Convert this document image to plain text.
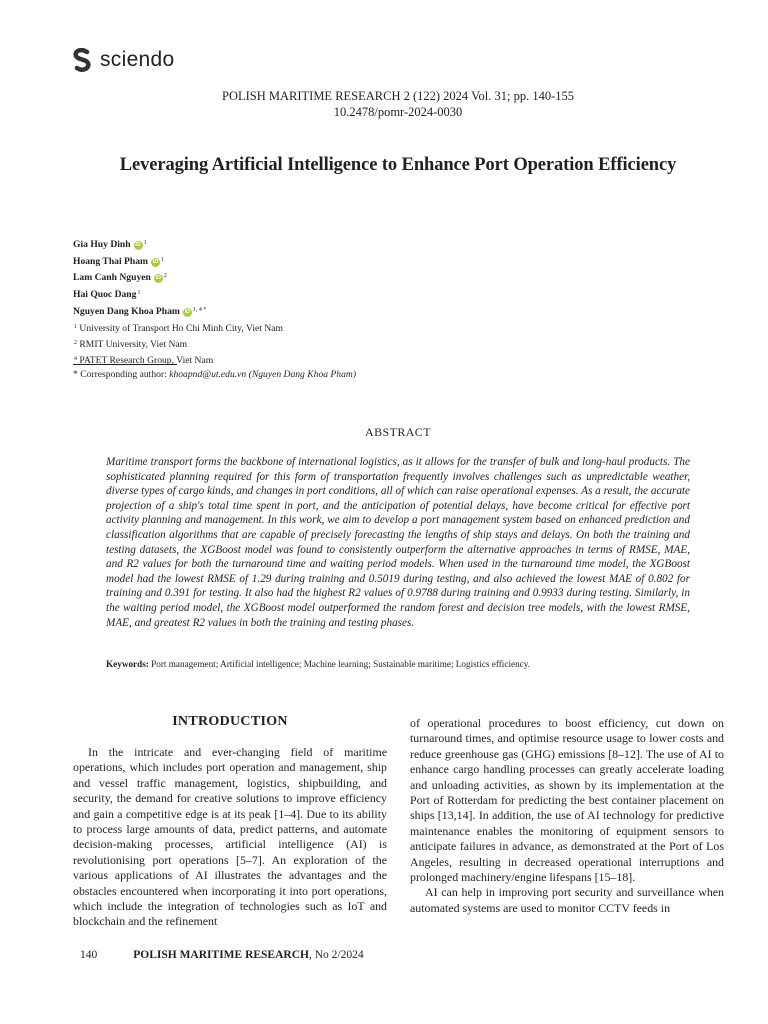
sciendo
POLISH MARITIME RESEARCH 2 (122) 2024 Vol. 31; pp. 140-155
10.2478/pomr-2024-0030
Leveraging Artificial Intelligence to Enhance Port Operation Efficiency
Gia Huy Dinh iD $^1$
Hoang Thai Pham iD $^1$
Lam Canh Nguyen iD $^2$
Hai Quoc Dang$^1$
Nguyen Dang Khoa Pham iD $^{1, 4 *}$
$^1$ University of Transport Ho Chi Minh City, Viet Nam
$^2$ RMIT University, Viet Nam
$^4$ PATET Research Group, Viet Nam
* Corresponding author: khoapnd@ut.edu.vn (Nguyen Dang Khoa Pham)
ABSTRACT
Maritime transport forms the backbone of international logistics, as it allows for the transfer of bulk and long-haul products. The sophisticated planning required for this form of transportation frequently involves challenges such as unpredictable weather, diverse types of cargo kinds, and changes in port conditions, all of which can raise operational expenses. As a result, the accurate projection of a ship's total time spent in port, and the anticipation of potential delays, have become critical for effective port activity planning and management. In this work, we aim to develop a port management system based on enhanced prediction and classification algorithms that are capable of precisely forecasting the lengths of ship stays and delays. On both the training and testing datasets, the XGBoost model was found to consistently outperform the alternative approaches in terms of RMSE, MAE, and R2 values for both the turnaround time and waiting period models. When used in the turnaround time model, the XGBoost model had the lowest RMSE of 1.29 during training and 0.5019 during testing, and also achieved the lowest MAE of 0.802 for training and 0.391 for testing. It also had the highest R2 values of 0.9788 during training and 0.9933 during testing. Similarly, in the waiting period model, the XGBoost model outperformed the random forest and decision tree models, with the lowest RMSE, MAE, and greatest R2 values in both the training and testing phases.
Keywords: Port management; Artificial intelligence; Machine learning; Sustainable maritime; Logistics efficiency.
INTRODUCTION

In the intricate and ever-changing field of maritime operations, which includes port operation and management, ship and vessel traffic management, logistics, shipbuilding, and security, the demand for creative solutions to improve efficiency and gain a competitive edge is at its peak [1–4]. Due to its ability to process large amounts of data, predict patterns, and automate decision-making processes, artificial intelligence (AI) is revolutionising port operations [5–7]. An exploration of the various applications of AI illustrates the advantages and the obstacles encountered when incorporating it into port operations, which include the integration of technologies such as IoT and blockchain and the refinement

of operational procedures to boost efficiency, cut down on turnaround times, and optimise resource usage to lower costs and reduce greenhouse gas (GHG) emissions [8–12]. The use of AI to enhance cargo handling processes can greatly accelerate loading and unloading activities, as shown by its implementation at the Port of Rotterdam for predicting the best container placement on ships [13,14]. In addition, the use of AI technology for predictive maintenance enables the monitoring of equipment sensors to anticipate failures in advance, as demonstrated at the Port of Los Angeles, resulting in decreased operational interruptions and prolonged machinery/engine lifespans [15–18].

AI can help in improving port security and surveillance when automated systems are used to monitor CCTV feeds in

140	POLISH MARITIME RESEARCH, No 2/2024
